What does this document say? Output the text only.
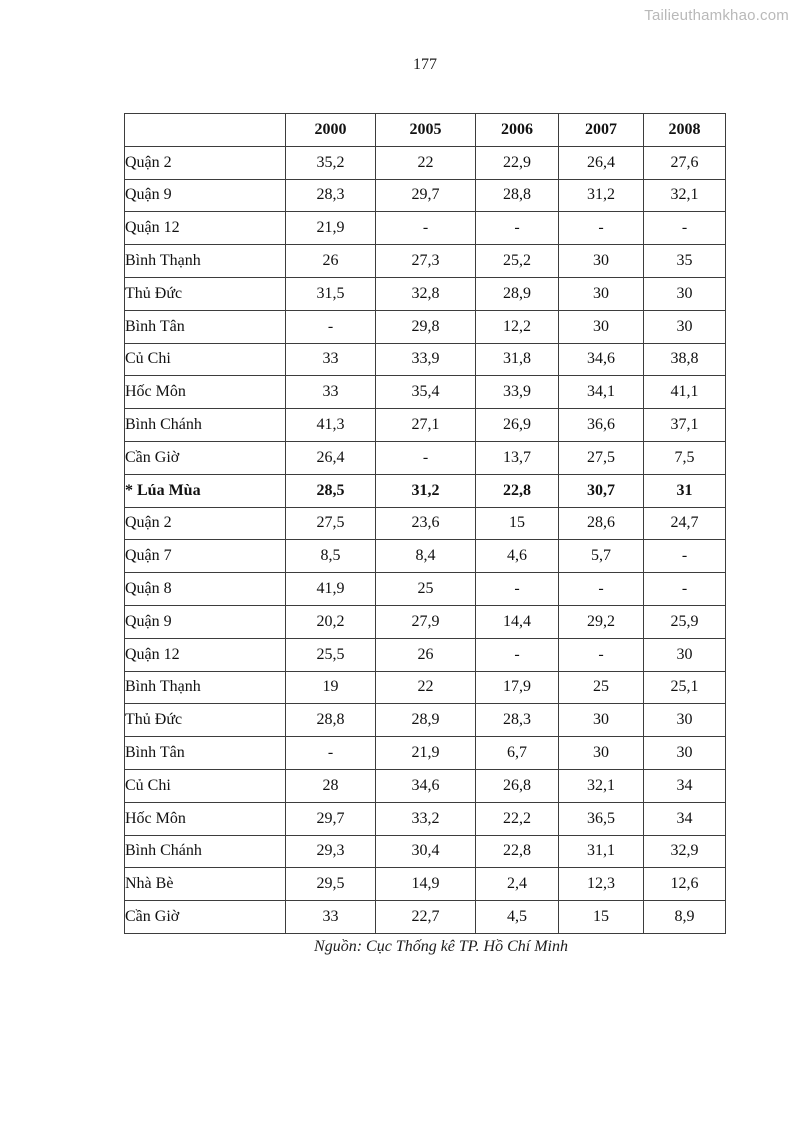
Tailieuthamkhao.com
177
	2000	2005	2006	2007	2008
Quận 2	35,2	22	22,9	26,4	27,6
Quận 9	28,3	29,7	28,8	31,2	32,1
Quận 12	21,9	-	-	-	-
Bình Thạnh	26	27,3	25,2	30	35
Thủ Đức	31,5	32,8	28,9	30	30
Bình Tân	-	29,8	12,2	30	30
Củ Chi	33	33,9	31,8	34,6	38,8
Hốc Môn	33	35,4	33,9	34,1	41,1
Bình Chánh	41,3	27,1	26,9	36,6	37,1
Cần Giờ	26,4	-	13,7	27,5	7,5
* Lúa Mùa	28,5	31,2	22,8	30,7	31
Quận 2	27,5	23,6	15	28,6	24,7
Quận 7	8,5	8,4	4,6	5,7	-
Quận 8	41,9	25	-	-	-
Quận 9	20,2	27,9	14,4	29,2	25,9
Quận 12	25,5	26	-	-	30
Bình Thạnh	19	22	17,9	25	25,1
Thủ Đức	28,8	28,9	28,3	30	30
Bình Tân	-	21,9	6,7	30	30
Củ Chi	28	34,6	26,8	32,1	34
Hốc Môn	29,7	33,2	22,2	36,5	34
Bình Chánh	29,3	30,4	22,8	31,1	32,9
Nhà Bè	29,5	14,9	2,4	12,3	12,6
Cần Giờ	33	22,7	4,5	15	8,9
Nguồn: Cục Thống kê TP. Hồ Chí Minh
